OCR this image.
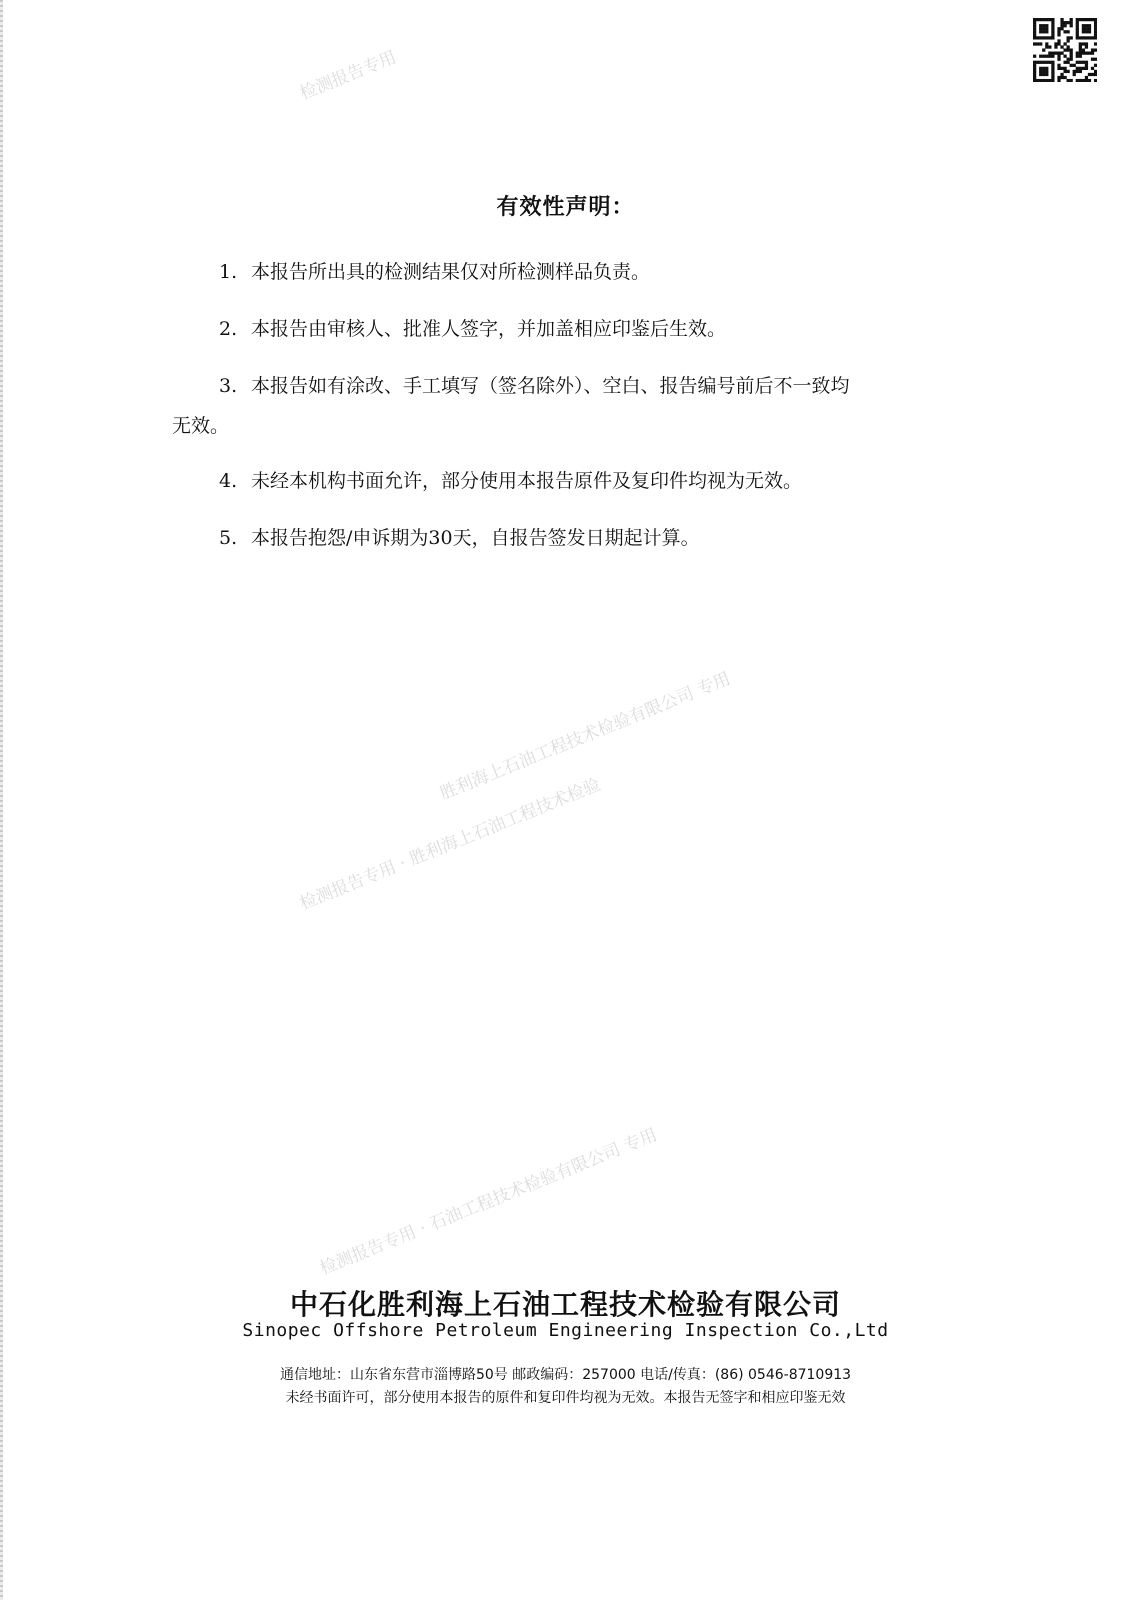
检测报告专用
胜利海上石油工程技术检验有限公司 专用
检测报告专用 · 胜利海上石油工程技术检验
检测报告专用 · 石油工程技术检验有限公司 专用
有效性声明：
1. 本报告所出具的检测结果仅对所检测样品负责。
2. 本报告由审核人、批准人签字，并加盖相应印鉴后生效。
3. 本报告如有涂改、手工填写（签名除外）、空白、报告编号前后不一致均
无效。
4. 未经本机构书面允许，部分使用本报告原件及复印件均视为无效。
5. 本报告抱怨/申诉期为30天，自报告签发日期起计算。
中石化胜利海上石油工程技术检验有限公司
Sinopec Offshore Petroleum Engineering Inspection Co.,Ltd
通信地址：山东省东营市淄博路50号 邮政编码：257000 电话/传真：(86) 0546-8710913
未经书面许可，部分使用本报告的原件和复印件均视为无效。本报告无签字和相应印鉴无效
